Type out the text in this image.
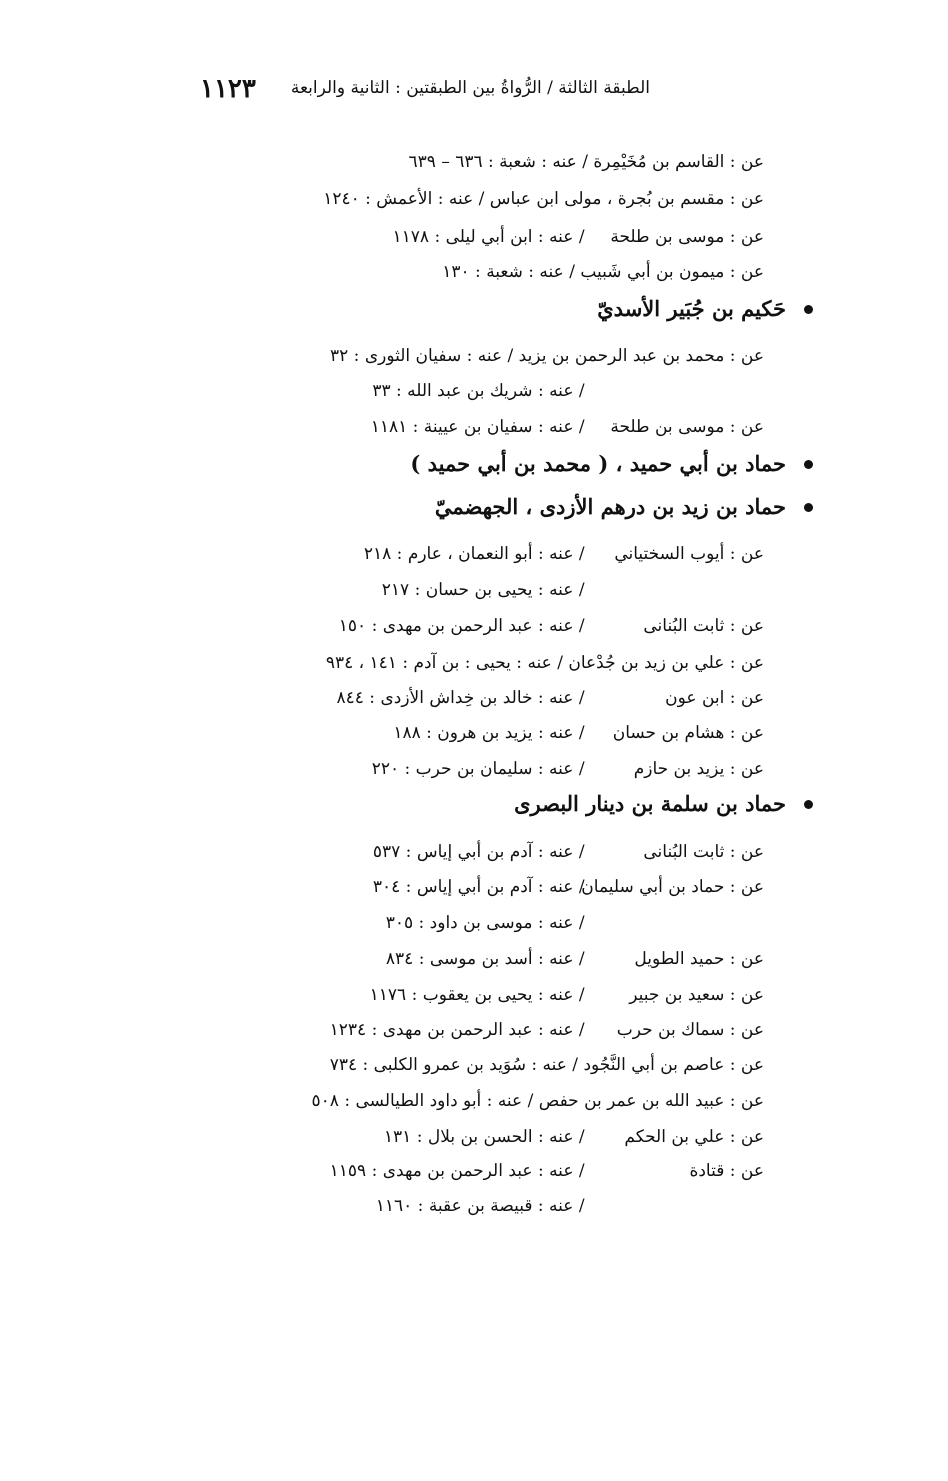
الطبقة الثالثة / الرُّواةُ بين الطبقتين : الثانية والرابعة
١١٢٣
عن : القاسم بن مُخَيْمِرة / عنه : شعبة : ٦٣٦ – ٦٣٩
عن : مقسم بن بُجرة ، مولى ابن عباس / عنه : الأعمش : ١٢٤٠
عن : موسى بن طلحة / عنه : ابن أبي ليلى : ١١٧٨
عن : ميمون بن أبي شَبيب / عنه : شعبة : ١٣٠
حَكيم بن جُبَير الأسديّ
عن : محمد بن عبد الرحمن بن يزيد / عنه : سفيان الثورى : ٣٢
/ عنه : شريك بن عبد الله : ٣٣
عن : موسى بن طلحة / عنه : سفيان بن عيينة : ١١٨١
حماد بن أبي حميد ، ( محمد بن أبي حميد )
حماد بن زيد بن درهم الأزدى ، الجهضميّ
عن : أيوب السختياني / عنه : أبو النعمان ، عارم : ٢١٨
/ عنه : يحيى بن حسان : ٢١٧
عن : ثابت البُنانى / عنه : عبد الرحمن بن مهدى : ١٥٠
عن : علي بن زيد بن جُدْعان / عنه : يحيى : بن آدم : ١٤١ ، ٩٣٤
عن : ابن عون / عنه : خالد بن خِداش الأزدى : ٨٤٤
عن : هشام بن حسان / عنه : يزيد بن هرون : ١٨٨
عن : يزيد بن حازم / عنه : سليمان بن حرب : ٢٢٠
حماد بن سلمة بن دينار البصرى
عن : ثابت البُنانى / عنه : آدم بن أبي إياس : ٥٣٧
عن : حماد بن أبي سليمان / عنه : آدم بن أبي إياس : ٣٠٤
/ عنه : موسى بن داود : ٣٠٥
عن : حميد الطويل / عنه : أسد بن موسى : ٨٣٤
عن : سعيد بن جبير / عنه : يحيى بن يعقوب : ١١٧٦
عن : سماك بن حرب / عنه : عبد الرحمن بن مهدى : ١٢٣٤
عن : عاصم بن أبي النَّجُود / عنه : سُوَيد بن عمرو الكلبى : ٧٣٤
عن : عبيد الله بن عمر بن حفص / عنه : أبو داود الطيالسى : ٥٠٨
عن : علي بن الحكم / عنه : الحسن بن بلال : ١٣١
عن : قتادة / عنه : عبد الرحمن بن مهدى : ١١٥٩
/ عنه : قبيصة بن عقبة : ١١٦٠
